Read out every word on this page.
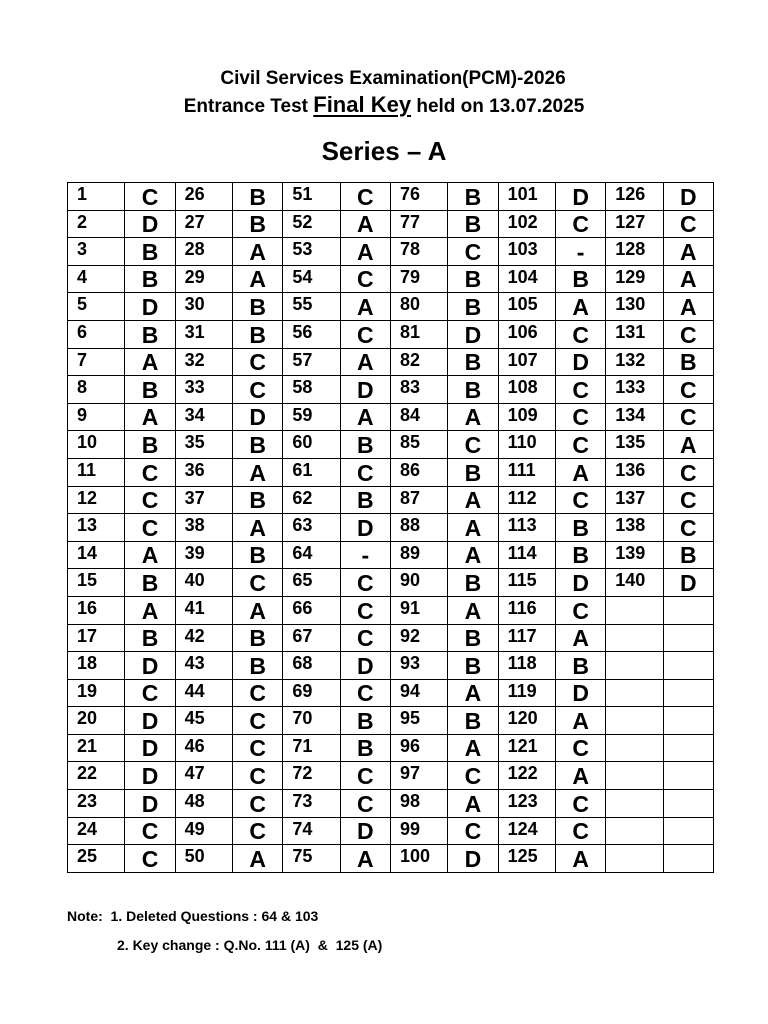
Civil Services Examination(PCM)-2026
Entrance Test Final Key held on 13.07.2025
Series – A
1	C	26	B	51	C	76	B	101	D	126	D
2	D	27	B	52	A	77	B	102	C	127	C
3	B	28	A	53	A	78	C	103	-	128	A
4	B	29	A	54	C	79	B	104	B	129	A
5	D	30	B	55	A	80	B	105	A	130	A
6	B	31	B	56	C	81	D	106	C	131	C
7	A	32	C	57	A	82	B	107	D	132	B
8	B	33	C	58	D	83	B	108	C	133	C
9	A	34	D	59	A	84	A	109	C	134	C
10	B	35	B	60	B	85	C	110	C	135	A
11	C	36	A	61	C	86	B	111	A	136	C
12	C	37	B	62	B	87	A	112	C	137	C
13	C	38	A	63	D	88	A	113	B	138	C
14	A	39	B	64	-	89	A	114	B	139	B
15	B	40	C	65	C	90	B	115	D	140	D
16	A	41	A	66	C	91	A	116	C		
17	B	42	B	67	C	92	B	117	A		
18	D	43	B	68	D	93	B	118	B		
19	C	44	C	69	C	94	A	119	D		
20	D	45	C	70	B	95	B	120	A		
21	D	46	C	71	B	96	A	121	C		
22	D	47	C	72	C	97	C	122	A		
23	D	48	C	73	C	98	A	123	C		
24	C	49	C	74	D	99	C	124	C		
25	C	50	A	75	A	100	D	125	A		
Note:  1. Deleted Questions : 64 & 103
2. Key change : Q.No. 111 (A)  &  125 (A)
